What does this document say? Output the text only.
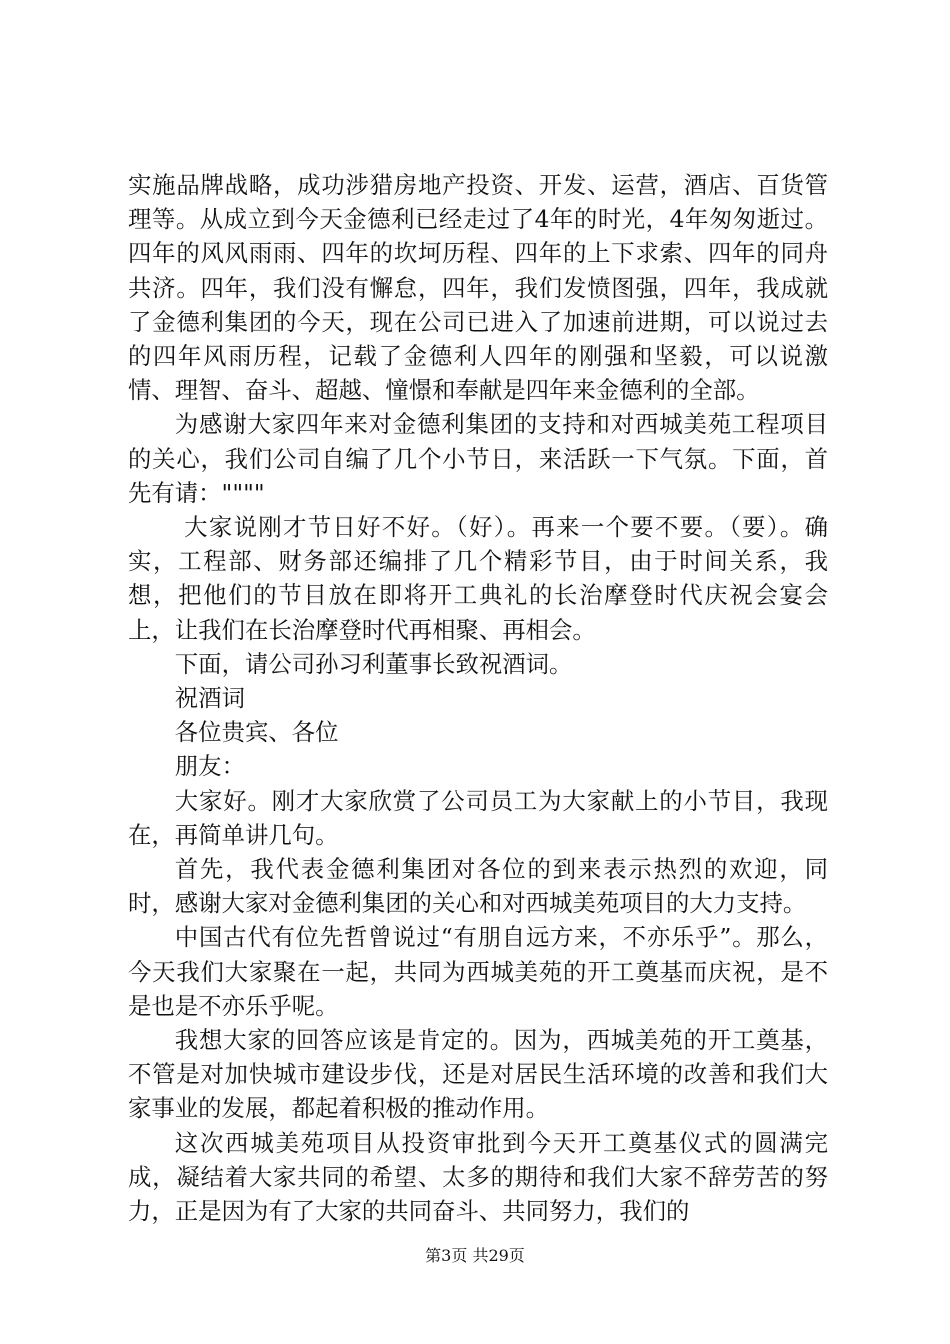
实施品牌战略，成功涉猎房地产投资、开发、运营，酒店、百货管理等。从成立到今天金德利已经走过了4年的时光，4年匆匆逝过。四年的风风雨雨、四年的坎坷历程、四年的上下求索、四年的同舟共济。四年，我们没有懈怠，四年，我们发愤图强，四年，我成就了金德利集团的今天，现在公司已进入了加速前进期，可以说过去的四年风雨历程，记载了金德利人四年的刚强和坚毅，可以说激情、理智、奋斗、超越、憧憬和奉献是四年来金德利的全部。

为感谢大家四年来对金德利集团的支持和对西城美苑工程项目的关心，我们公司自编了几个小节日，来活跃一下气氛。下面，首先有请：""""

大家说刚才节日好不好。（好）。再来一个要不要。（要）。确实，工程部、财务部还编排了几个精彩节目，由于时间关系，我想，把他们的节目放在即将开工典礼的长治摩登时代庆祝会宴会上，让我们在长治摩登时代再相聚、再相会。

下面，请公司孙习利董事长致祝酒词。

祝酒词

各位贵宾、各位

朋友：

大家好。刚才大家欣赏了公司员工为大家献上的小节目，我现在，再简单讲几句。

首先，我代表金德利集团对各位的到来表示热烈的欢迎，同时，感谢大家对金德利集团的关心和对西城美苑项目的大力支持。

中国古代有位先哲曾说过“有朋自远方来，不亦乐乎”。那么，今天我们大家聚在一起，共同为西城美苑的开工奠基而庆祝，是不是也是不亦乐乎呢。

我想大家的回答应该是肯定的。因为，西城美苑的开工奠基，不管是对加快城市建设步伐，还是对居民生活环境的改善和我们大家事业的发展，都起着积极的推动作用。

这次西城美苑项目从投资审批到今天开工奠基仪式的圆满完成，凝结着大家共同的希望、太多的期待和我们大家不辞劳苦的努力，正是因为有了大家的共同奋斗、共同努力，我们的

第3页 共29页
